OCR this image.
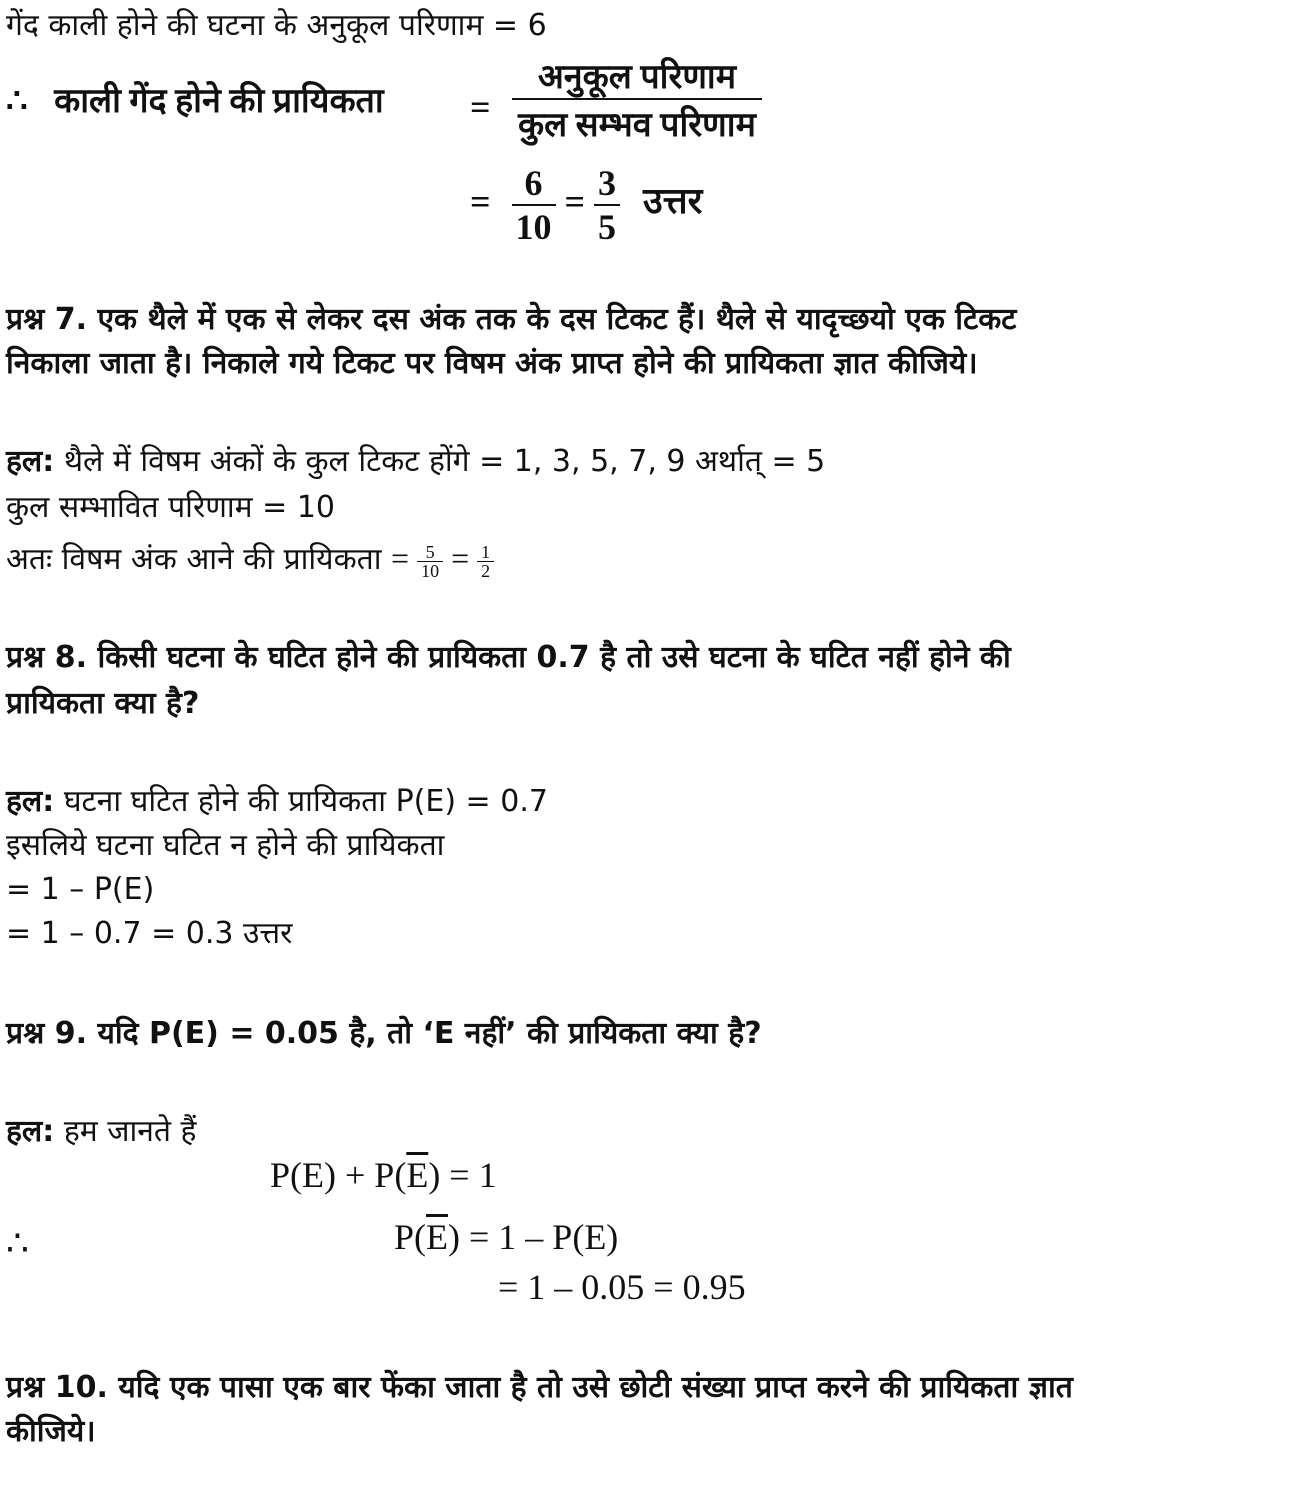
गेंद काली होने की घटना के अनुकूल परिणाम = 6
∴ काली गेंद होने की प्रायिकता =
अनुकूल परिणाम
कुल सम्भव परिणाम
= $\frac{6}{10} = \frac{3}{5}$ उत्तर
प्रश्न 7. एक थैले में एक से लेकर दस अंक तक के दस टिकट हैं। थैले से यादृच्छयो एक टिकट
निकाला जाता है। निकाले गये टिकट पर विषम अंक प्राप्त होने की प्रायिकता ज्ञात कीजिये।
हल: थैले में विषम अंकों के कुल टिकट होंगे = 1, 3, 5, 7, 9 अर्थात् = 5
कुल सम्भावित परिणाम = 10
अतः विषम अंक आने की प्रायिकता = $\frac{5}{10} = \frac{1}{2}$
प्रश्न 8. किसी घटना के घटित होने की प्रायिकता 0.7 है तो उसे घटना के घटित नहीं होने की
प्रायिकता क्या है?
हल: घटना घटित होने की प्रायिकता P(E) = 0.7
इसलिये घटना घटित न होने की प्रायिकता
= 1 – P(E)
= 1 – 0.7 = 0.3 उत्तर
प्रश्न 9. यदि P(E) = 0.05 है, तो ‘E नहीं’ की प्रायिकता क्या है?
हल: हम जानते हैं
$P(E) + P(\overline{E}) = 1$
∴	$P(\overline{E}) = 1 - P(E)$
= 1 – 0.05 = 0.95
प्रश्न 10. यदि एक पासा एक बार फेंका जाता है तो उसे छोटी संख्या प्राप्त करने की प्रायिकता ज्ञात
कीजिये।
